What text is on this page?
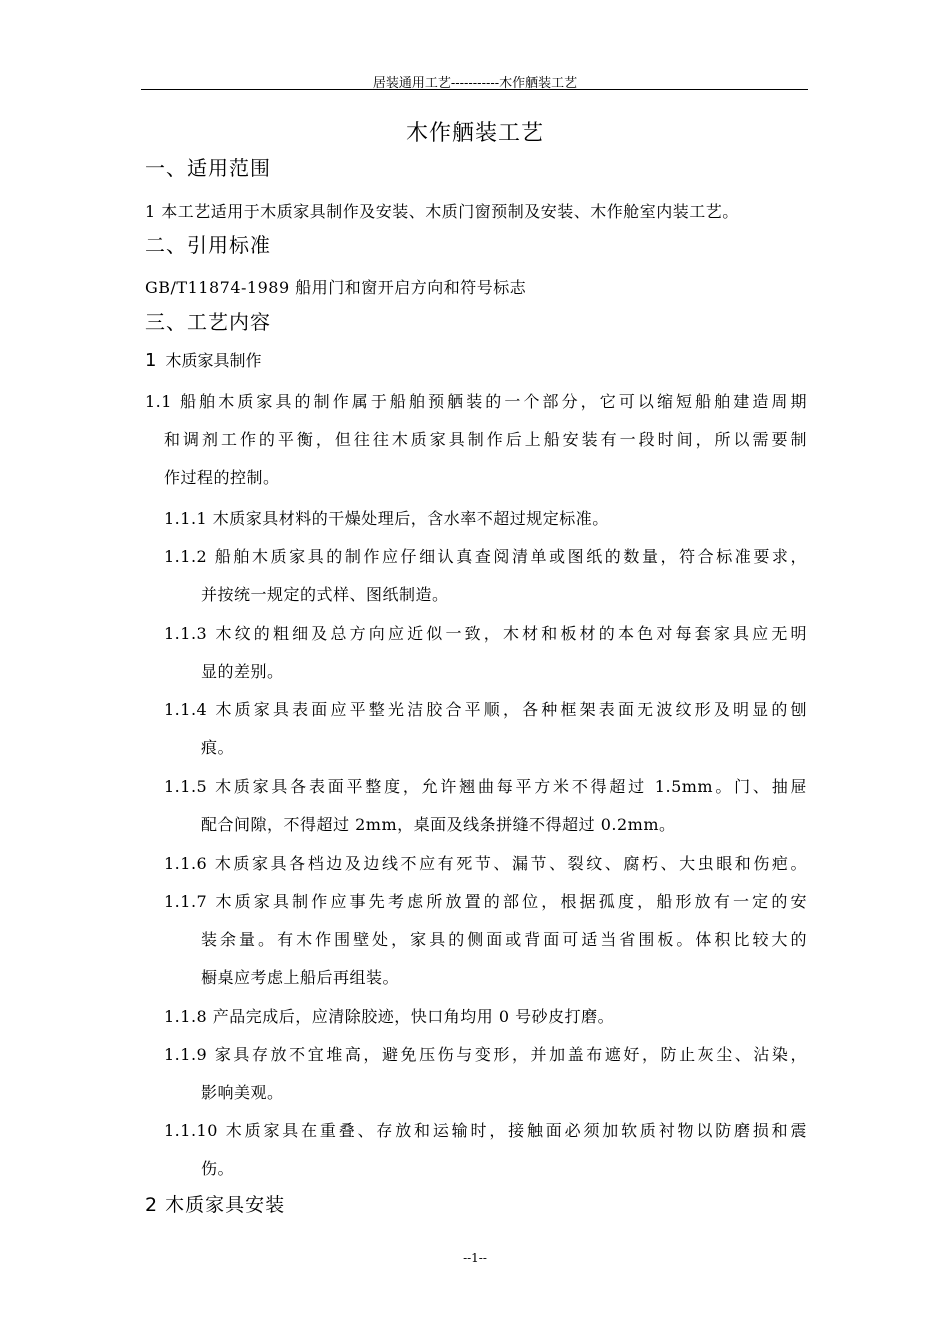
居装通用工艺-----------木作舾装工艺
木作舾装工艺
一、适用范围
1 本工艺适用于木质家具制作及安装、木质门窗预制及安装、木作舱室内装工艺。
二、引用标准
GB/T11874-1989 船用门和窗开启方向和符号标志
三、工艺内容
1 木质家具制作
1.1 船舶木质家具的制作属于船舶预舾装的一个部分，它可以缩短船舶建造周期
和调剂工作的平衡，但往往木质家具制作后上船安装有一段时间，所以需要制
作过程的控制。
1.1.1 木质家具材料的干燥处理后，含水率不超过规定标准。
1.1.2 船舶木质家具的制作应仔细认真查阅清单或图纸的数量，符合标准要求，
并按统一规定的式样、图纸制造。
1.1.3 木纹的粗细及总方向应近似一致，木材和板材的本色对每套家具应无明
显的差别。
1.1.4 木质家具表面应平整光洁胶合平顺，各种框架表面无波纹形及明显的刨
痕。
1.1.5 木质家具各表面平整度，允许翘曲每平方米不得超过 1.5mm。门、抽屉
配合间隙，不得超过 2mm，桌面及线条拼缝不得超过 0.2mm。
1.1.6 木质家具各档边及边线不应有死节、漏节、裂纹、腐朽、大虫眼和伤疤。
1.1.7 木质家具制作应事先考虑所放置的部位，根据孤度，船形放有一定的安
装余量。有木作围壁处，家具的侧面或背面可适当省围板。体积比较大的
橱桌应考虑上船后再组装。
1.1.8 产品完成后，应清除胶迹，快口角均用 0 号砂皮打磨。
1.1.9 家具存放不宜堆高，避免压伤与变形，并加盖布遮好，防止灰尘、沾染，
影响美观。
1.1.10 木质家具在重叠、存放和运输时，接触面必须加软质衬物以防磨损和震
伤。
2 木质家具安装
--1--
